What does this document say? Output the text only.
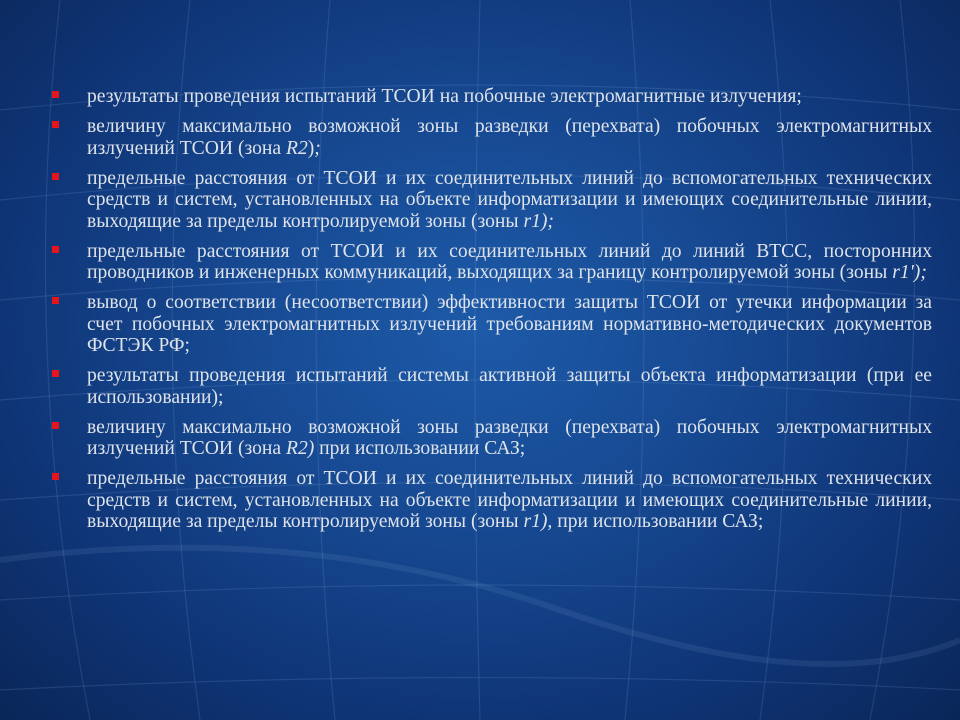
результаты проведения испытаний ТСОИ на побочные электромагнитные излучения;
величину максимально возможной зоны разведки (перехвата) побочных электромагнитных излучений ТСОИ (зона R2);
предельные расстояния от ТСОИ и их соединительных линий до вспомогательных технических средств и систем, установленных на объекте информатизации и имеющих соединительные линии, выходящие за пределы контролируемой зоны (зоны r1);
предельные расстояния от ТСОИ и их соединительных линий до линий ВТСС, посторонних проводников и инженерных коммуникаций, выходящих за границу контролируемой зоны (зоны r1');
вывод о соответствии (несоответствии) эффективности защиты ТСОИ от утечки информации за счет побочных электромагнитных излучений требованиям нормативно-методических документов ФСТЭК РФ;
результаты проведения испытаний системы активной защиты объекта информатизации (при ее использовании);
величину максимально возможной зоны разведки (перехвата) побочных электромагнитных излучений ТСОИ (зона R2) при использовании САЗ;
предельные расстояния от ТСОИ и их соединительных линий до вспомогательных технических средств и систем, установленных на объекте информатизации и имеющих соединительные линии, выходящие за пределы контролируемой зоны (зоны r1), при использовании САЗ;
